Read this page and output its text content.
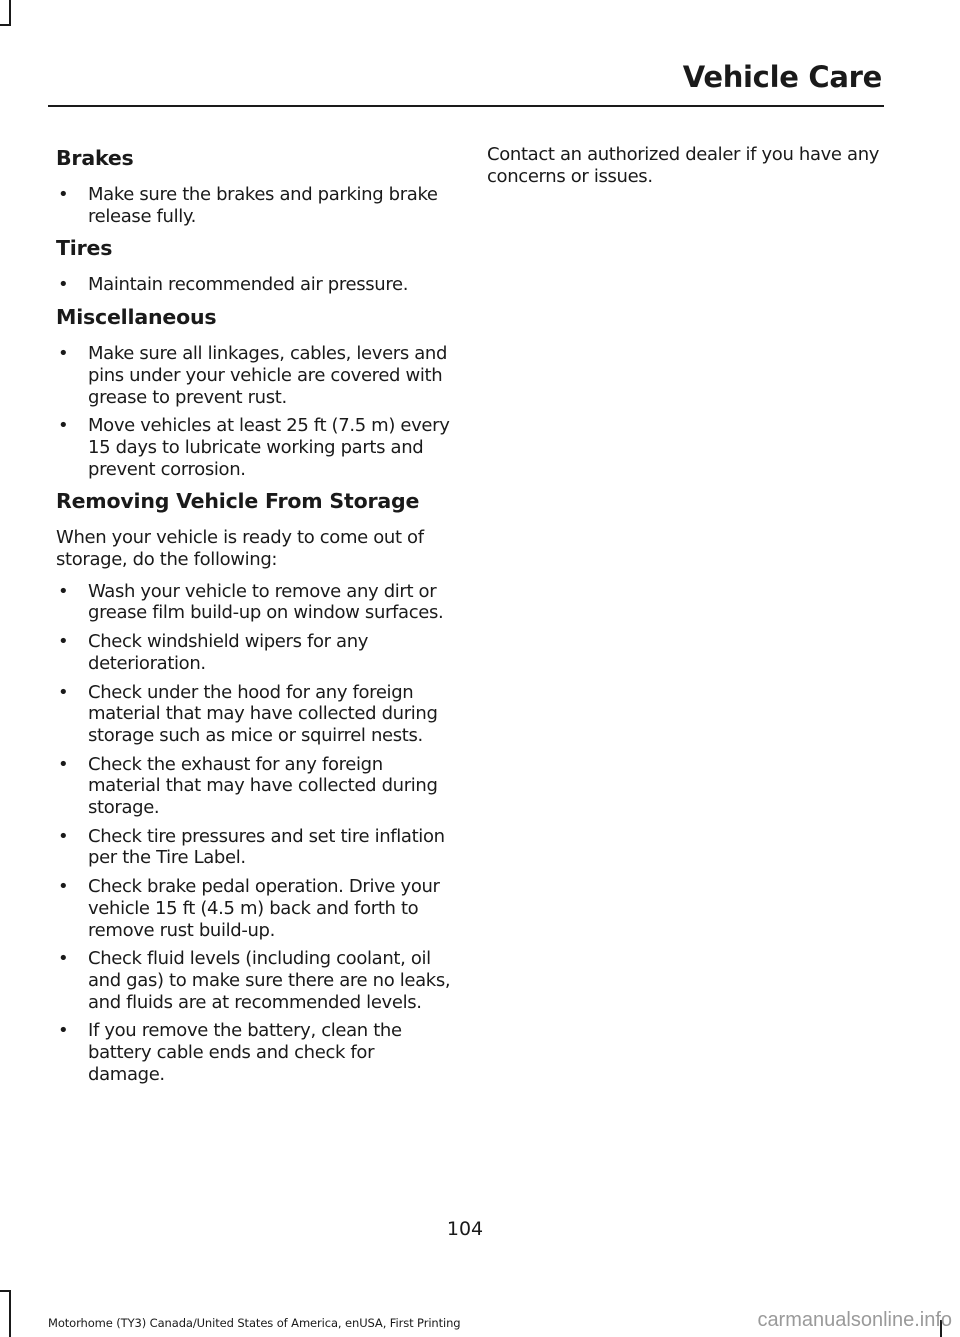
Vehicle Care
Brakes
• Make sure the brakes and parking brake release fully.
Tires
• Maintain recommended air pressure.
Miscellaneous
• Make sure all linkages, cables, levers and pins under your vehicle are covered with grease to prevent rust.
• Move vehicles at least 25 ft (7.5 m) every 15 days to lubricate working parts and prevent corrosion.
Removing Vehicle From Storage

When your vehicle is ready to come out of storage, do the following:

• Wash your vehicle to remove any dirt or grease film build-up on window surfaces.
• Check windshield wipers for any deterioration.
• Check under the hood for any foreign material that may have collected during storage such as mice or squirrel nests.
• Check the exhaust for any foreign material that may have collected during storage.
• Check tire pressures and set tire inflation per the Tire Label.
• Check brake pedal operation. Drive your vehicle 15 ft (4.5 m) back and forth to remove rust build-up.
• Check fluid levels (including coolant, oil and gas) to make sure there are no leaks, and fluids are at recommended levels.
• If you remove the battery, clean the battery cable ends and check for damage.

Contact an authorized dealer if you have any concerns or issues.

104
Motorhome (TY3) Canada/United States of America, enUSA, First Printing	carmanualsonline.info
